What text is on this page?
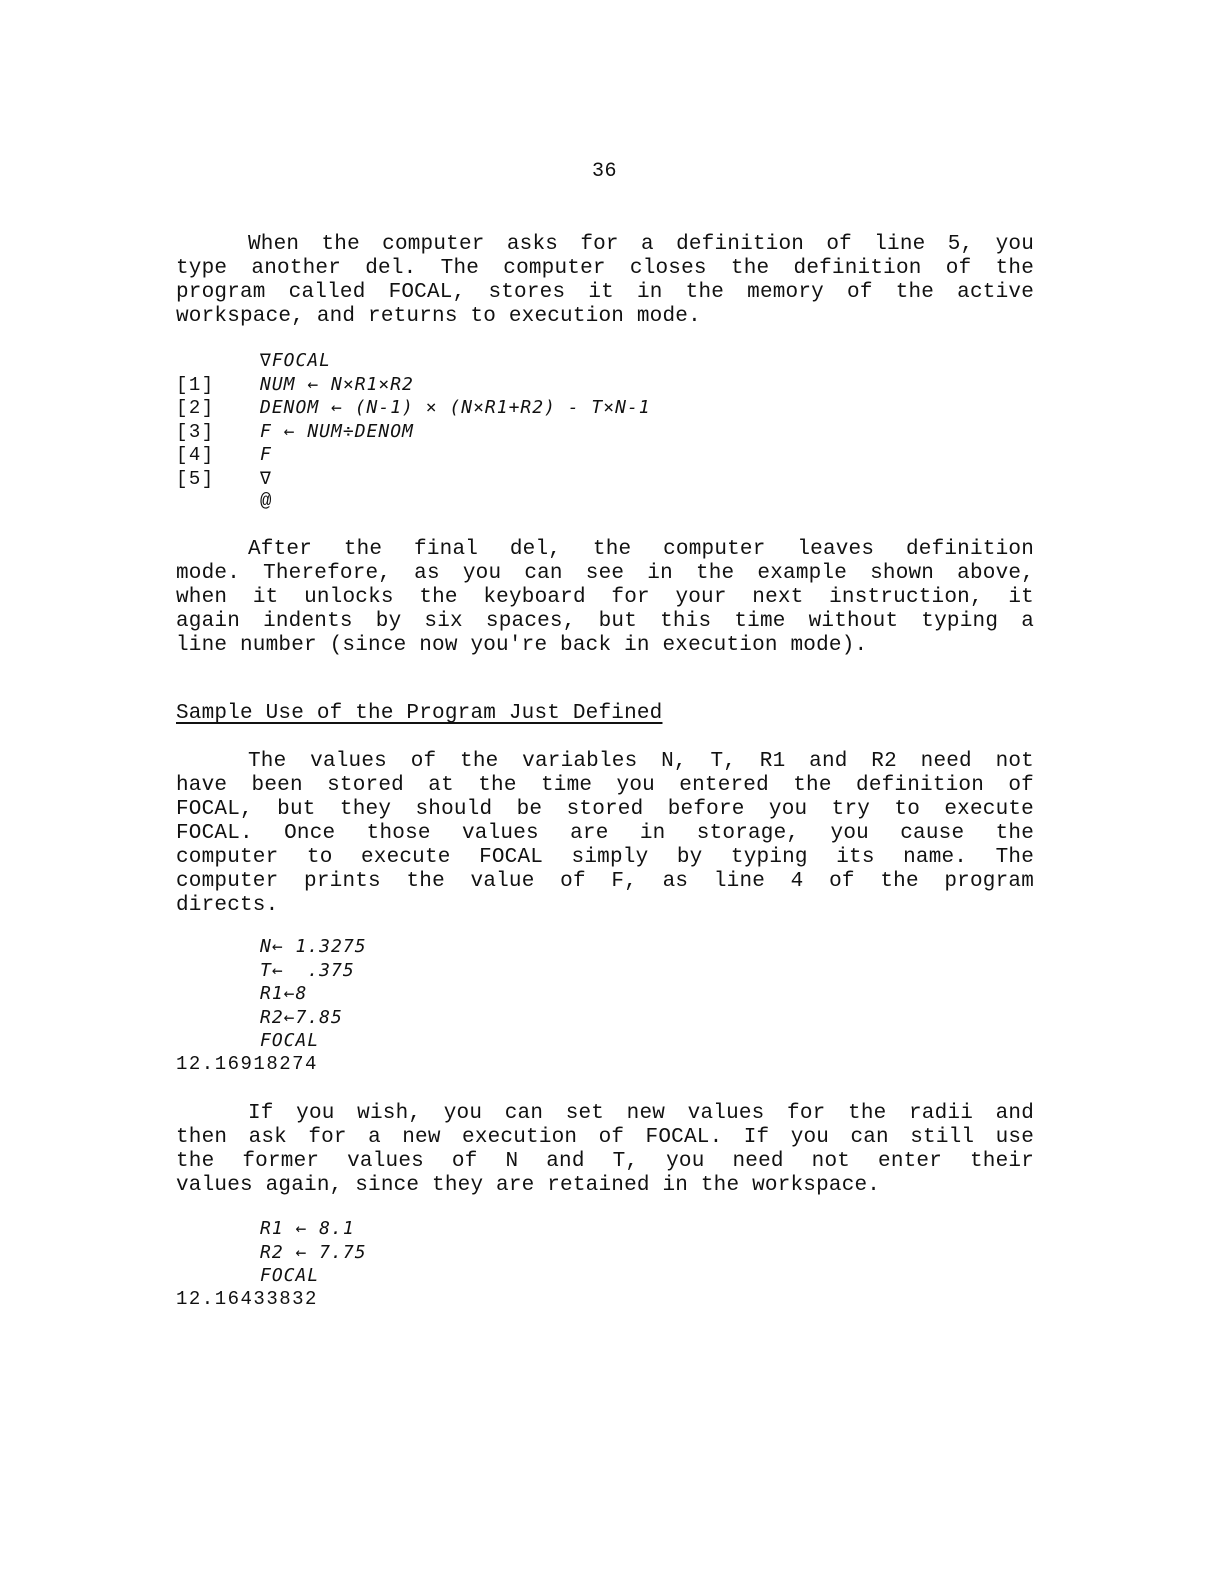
36
When the computer asks for a definition of line 5, you
type another del. The computer closes the definition of the
program called FOCAL, stores it in the memory of the active
workspace, and returns to execution mode.
∇FOCAL
[1]	NUM ← N×R1×R2
[2]	DENOM ← (N-1) × (N×R1+R2) - T×N-1
[3]	F ← NUM÷DENOM
[4]	F
[5]	∇
@
After the final del, the computer leaves definition
mode. Therefore, as you can see in the example shown above,
when it unlocks the keyboard for your next instruction, it
again indents by six spaces, but this time without typing a
line number (since now you're back in execution mode).
Sample Use of the Program Just Defined
The values of the variables N, T, R1 and R2 need not
have been stored at the time you entered the definition of
FOCAL, but they should be stored before you try to execute
FOCAL. Once those values are in storage, you cause the
computer to execute FOCAL simply by typing its name. The
computer prints the value of F, as line 4 of the program
directs.
N← 1.3275
T←  .375
R1←8
R2←7.85
FOCAL
12.16918274
If you wish, you can set new values for the radii and
then ask for a new execution of FOCAL. If you can still use
the former values of N and T, you need not enter their
values again, since they are retained in the workspace.
R1 ← 8.1
R2 ← 7.75
FOCAL
12.16433832
